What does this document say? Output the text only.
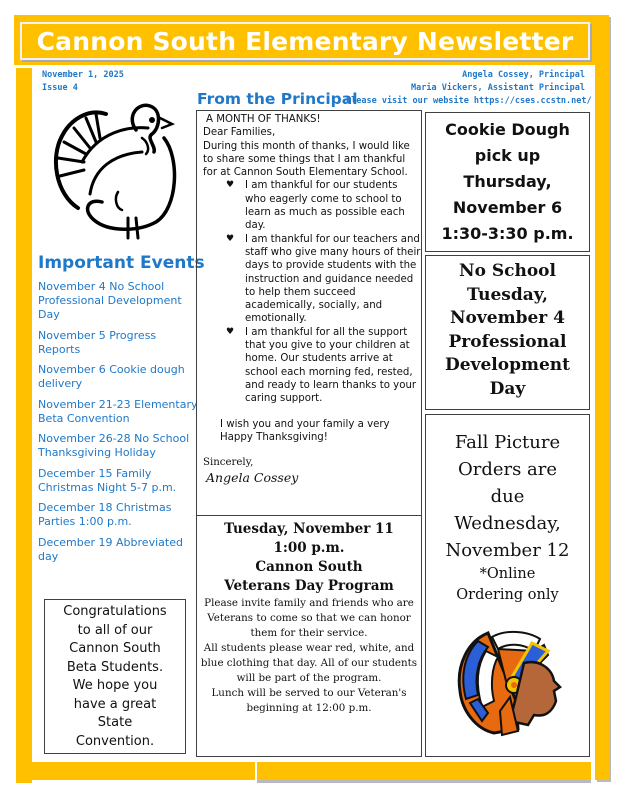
Cannon South Elementary Newsletter
November 1, 2025
Issue 4
Angela Cossey, Principal
Maria Vickers, Assistant Principal
Please visit our website https://cses.ccstn.net/
From the Principal
Important Events
November 4 No School Professional Development Day
November 5 Progress Reports
November 6 Cookie dough delivery
November 21-23 Elementary Beta Convention
November 26-28 No School Thanksgiving Holiday
December 15 Family Christmas Night 5-7 p.m.
December 18 Christmas Parties 1:00 p.m.
December 19 Abbreviated day
Congratulations
to all of our
Cannon South
Beta Students.
We hope you
have a great
State
Convention.
A MONTH OF THANKS!
Dear Families,
During this month of thanks, I would like to share some things that I am thankful for at Cannon South Elementary School.
♥ I am thankful for our students who eagerly come to school to learn as much as possible each day.
♥ I am thankful for our teachers and staff who give many hours of their days to provide students with the instruction and guidance needed to help them succeed academically, socially, and emotionally.
♥ I am thankful for all the support that you give to your children at home. Our students arrive at school each morning fed, rested, and ready to learn thanks to your caring support.
I wish you and your family a very Happy Thanksgiving!
Sincerely,
Angela Cossey
Tuesday, November 11
1:00 p.m.
Cannon South
Veterans Day Program
Please invite family and friends who are Veterans to come so that we can honor them for their service.
All students please wear red, white, and blue clothing that day. All of our students will be part of the program.
Lunch will be served to our Veteran's beginning at 12:00 p.m.
Cookie Dough
pick up
Thursday,
November 6
1:30-3:30 p.m.
No School
Tuesday,
November 4
Professional
Development
Day
Fall Picture
Orders are
due
Wednesday,
November 12
*Online
Ordering only
